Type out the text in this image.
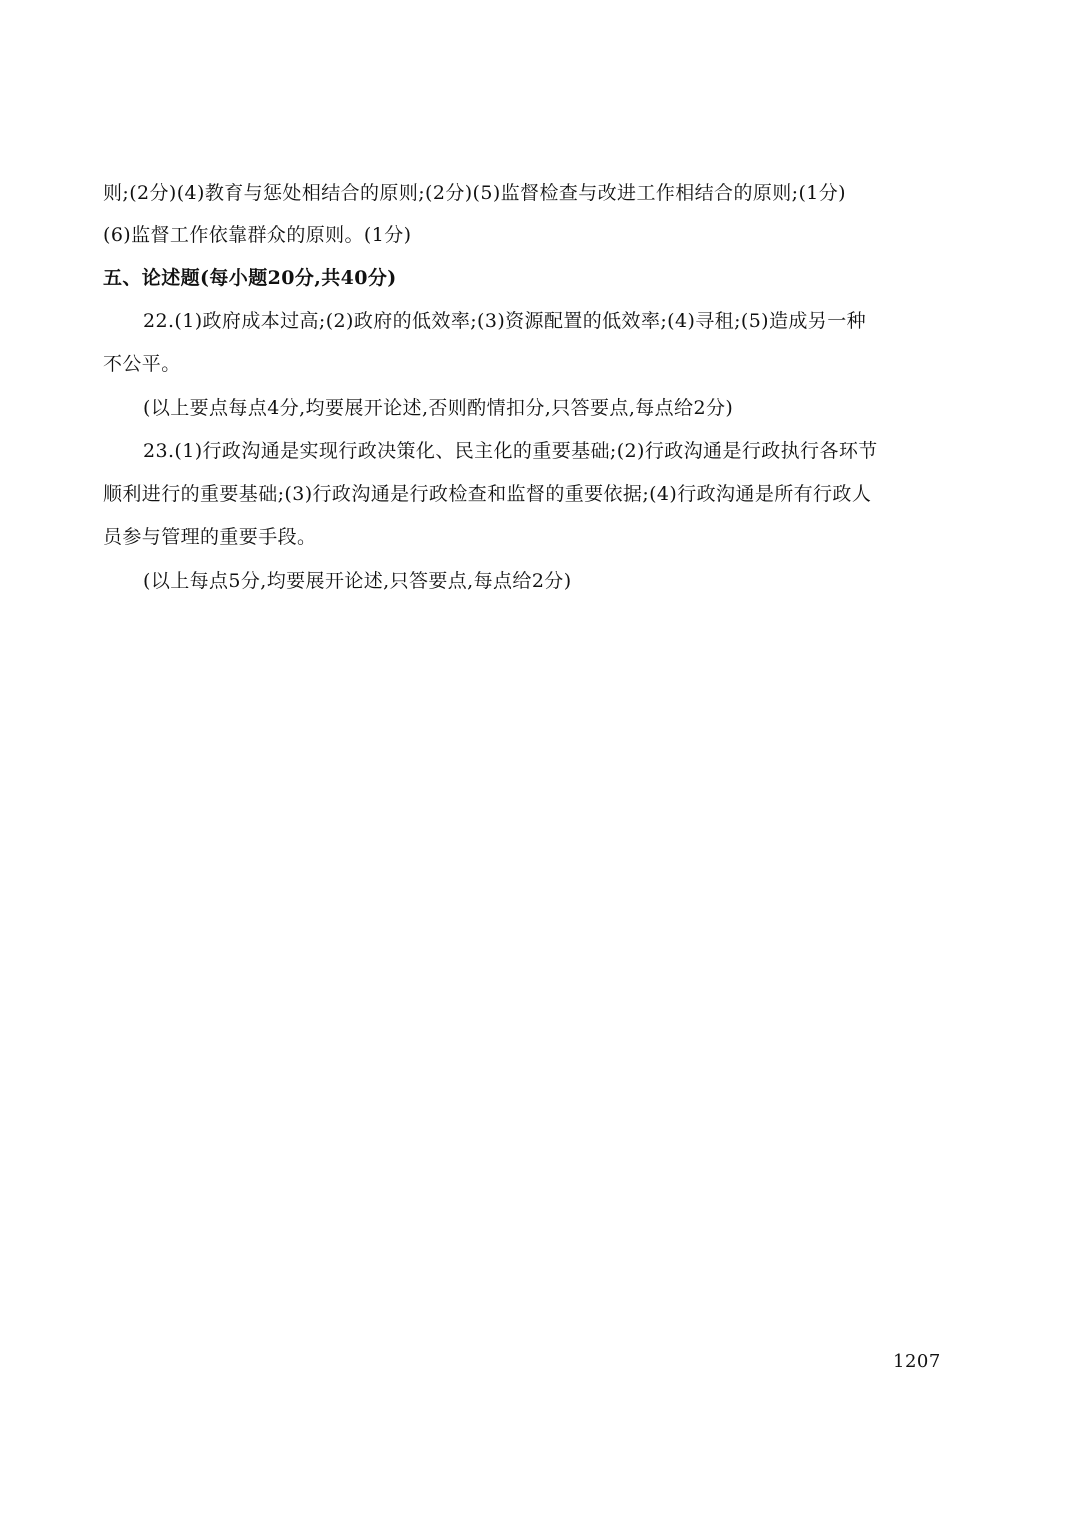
则;(2分)(4)教育与惩处相结合的原则;(2分)(5)监督检查与改进工作相结合的原则;(1分)
(6)监督工作依靠群众的原则。(1分)
五、论述题(每小题20分,共40分)
22.(1)政府成本过高;(2)政府的低效率;(3)资源配置的低效率;(4)寻租;(5)造成另一种
不公平。
(以上要点每点4分,均要展开论述,否则酌情扣分,只答要点,每点给2分)
23.(1)行政沟通是实现行政决策化、民主化的重要基础;(2)行政沟通是行政执行各环节
顺利进行的重要基础;(3)行政沟通是行政检查和监督的重要依据;(4)行政沟通是所有行政人
员参与管理的重要手段。
(以上每点5分,均要展开论述,只答要点,每点给2分)
1207
